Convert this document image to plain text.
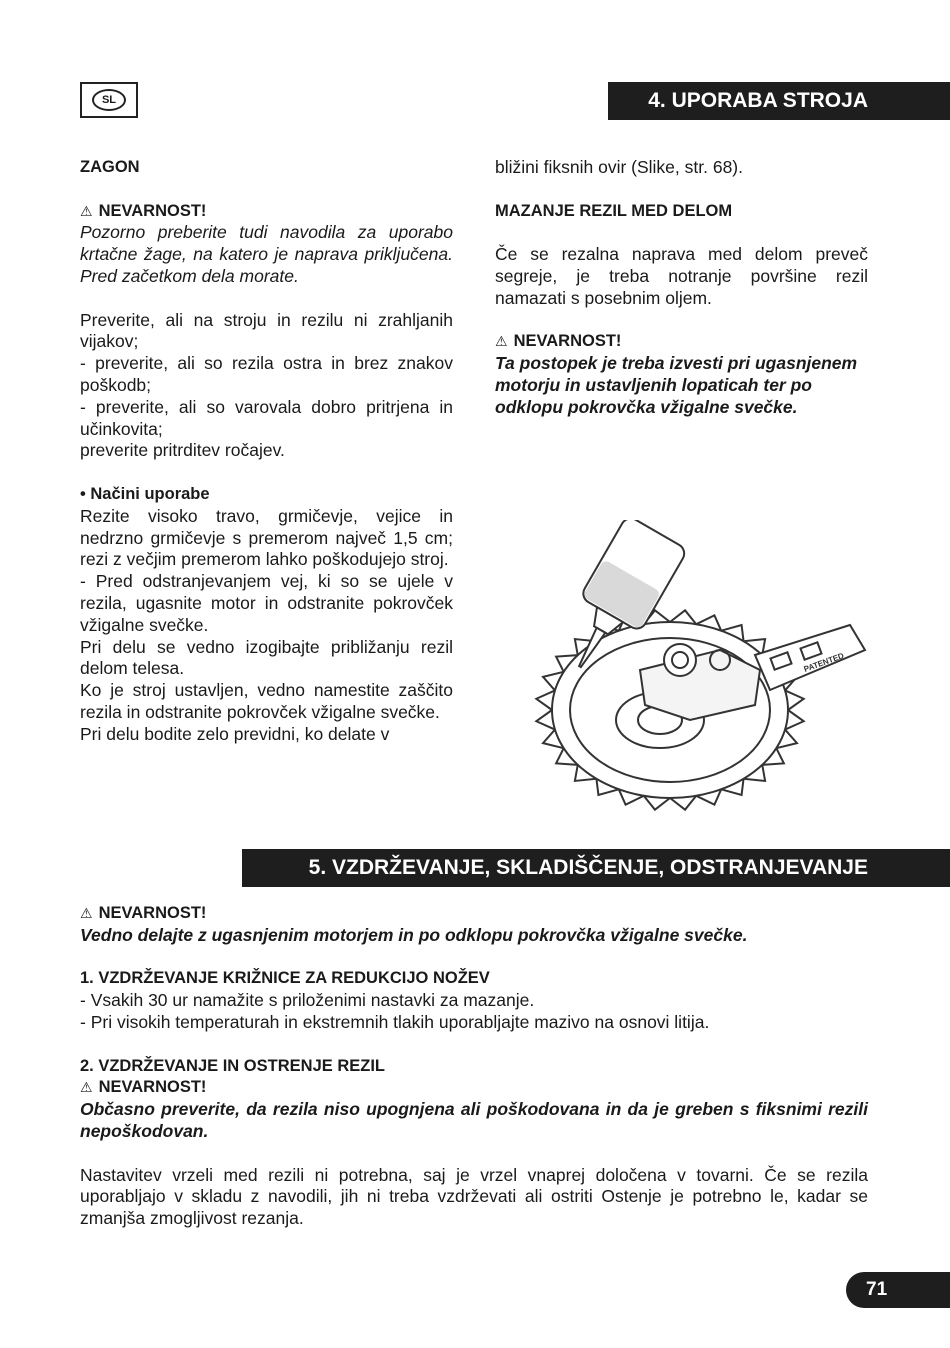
SL	4. UPORABA STROJA

ZAGON

⚠ NEVARNOST!

Pozorno preberite tudi navodila za uporabo krtačne žage, na katero je naprava priključena. Pred začetkom dela morate.

Preverite, ali na stroju in rezilu ni zrahljanih vijakov;

- preverite, ali so rezila ostra in brez znakov poškodb;

- preverite, ali so varovala dobro pritrjena in učinkovita;

preverite pritrditev ročajev.

• Načini uporabe

Rezite visoko travo, grmičevje, vejice in nedrzno grmičevje s premerom največ 1,5 cm; rezi z večjim premerom lahko poškodujejo stroj.

- Pred odstranjevanjem vej, ki so se ujele v rezila, ugasnite motor in odstranite pokrovček vžigalne svečke.

Pri delu se vedno izogibajte približanju rezil delom telesa.

Ko je stroj ustavljen, vedno namestite zaščito rezila in odstranite pokrovček vžigalne svečke.

Pri delu bodite zelo previdni, ko delate v

bližini fiksnih ovir (Slike, str. 68).

MAZANJE REZIL MED DELOM

Če se rezalna naprava med delom preveč segreje, je treba notranje površine rezil namazati s posebnim oljem.

⚠ NEVARNOST!

Ta postopek je treba izvesti pri ugasnjenem motorju in ustavljenih lopaticah ter po odklopu pokrovčka vžigalne svečke.

PATENTED
5. VZDRŽEVANJE, SKLADIŠČENJE, ODSTRANJEVANJE

⚠ NEVARNOST!

Vedno delajte z ugasnjenim motorjem in po odklopu pokrovčka vžigalne svečke.

1. VZDRŽEVANJE KRIŽNICE ZA REDUKCIJO NOŽEV

- Vsakih 30 ur namažite s priloženimi nastavki za mazanje.

- Pri visokih temperaturah in ekstremnih tlakih uporabljajte mazivo na osnovi litija.

2. VZDRŽEVANJE IN OSTRENJE REZIL

⚠ NEVARNOST!

Občasno preverite, da rezila niso upognjena ali poškodovana in da je greben s fiksnimi rezili nepoškodovan.

Nastavitev vrzeli med rezili ni potrebna, saj je vrzel vnaprej določena v tovarni. Če se rezila uporabljajo v skladu z navodili, jih ni treba vzdrževati ali ostriti Ostenje je potrebno le, kadar se zmanjša zmogljivost rezanja.

71
